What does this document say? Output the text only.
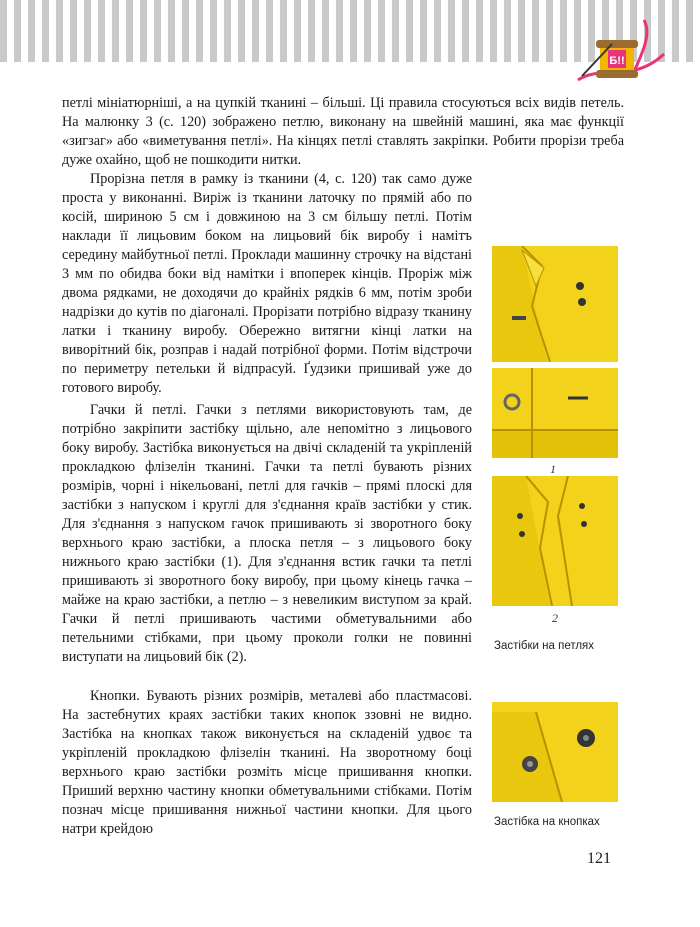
Б!!

петлі мініатюрніші, а на цупкій тканині – більші. Ці правила стосуються всіх видів петель. На малюнку 3 (с. 120) зображено петлю, виконану на швейній машині, яка має функції «зигзаг» або «виметування петлі». На кінцях петлі ставлять закріпки. Робити прорізи треба дуже охайно, щоб не пошкодити нитки.

Прорізна петля в рамку із тканини (4, с. 120) так само дуже проста у виконанні. Виріж із тканини латочку по прямій або по косій, шириною 5 см і довжиною на 3 см більшу петлі. Потім наклади її лицьовим боком на лицьовий бік виробу і намітъ середину майбутньої петлі. Проклади машинну строчку на відстані 3 мм по обидва боки від намітки і впоперек кінців. Проріж між двома рядками, не доходячи до крайніх рядків 6 мм, потім зроби надрізки до кутів по діагоналі. Прорізати потрібно відразу тканину латки і тканину виробу. Обережно витягни кінці латки на виворітний бік, розправ і надай потрібної форми. Потім відстрочи по периметру петельки й відпрасуй. Ґудзики пришивай уже до готового виробу.

Гачки й петлі. Гачки з петлями використовують там, де потрібно закріпити застібку щільно, але непомітно з лицьового боку виробу. Застібка виконується на двічі складеній та укріпленій прокладкою флізелін тканині. Гачки та петлі бувають різних розмірів, чорні і нікельовані, петлі для гачків – прямі плоскі для застібки з напуском і круглі для з'єднання країв застібки у стик. Для з'єднання з напуском гачок пришивають зі зворотного боку верхнього краю застібки, а плоска петля – з лицьового боку нижнього краю застібки (1). Для з'єднання встик гачки та петлі пришивають зі зворотного боку виробу, при цьому кінець гачка – майже на краю застібки, а петлю – з невеликим виступом за край. Гачки й петлі пришивають частими обметувальними або петельними стібками, при цьому проколи голки не повинні виступати на лицьовий бік (2).

Кнопки. Бувають різних розмірів, металеві або пластмасові. На застебнутих краях застібки таких кнопок ззовні не видно. Застібка на кнопках також виконується на складеній удвоє та укріпленій прокладкою флізелін тканині. На зворотному боці верхнього краю застібки розміть місце пришивання кнопки. Приший верхню частину кнопки обметувальними стібками. Потім познач місце пришивання нижньої частини кнопки. Для цього натри крейдою

1
2
Застібки на петлях
Застібка на кнопках
121
